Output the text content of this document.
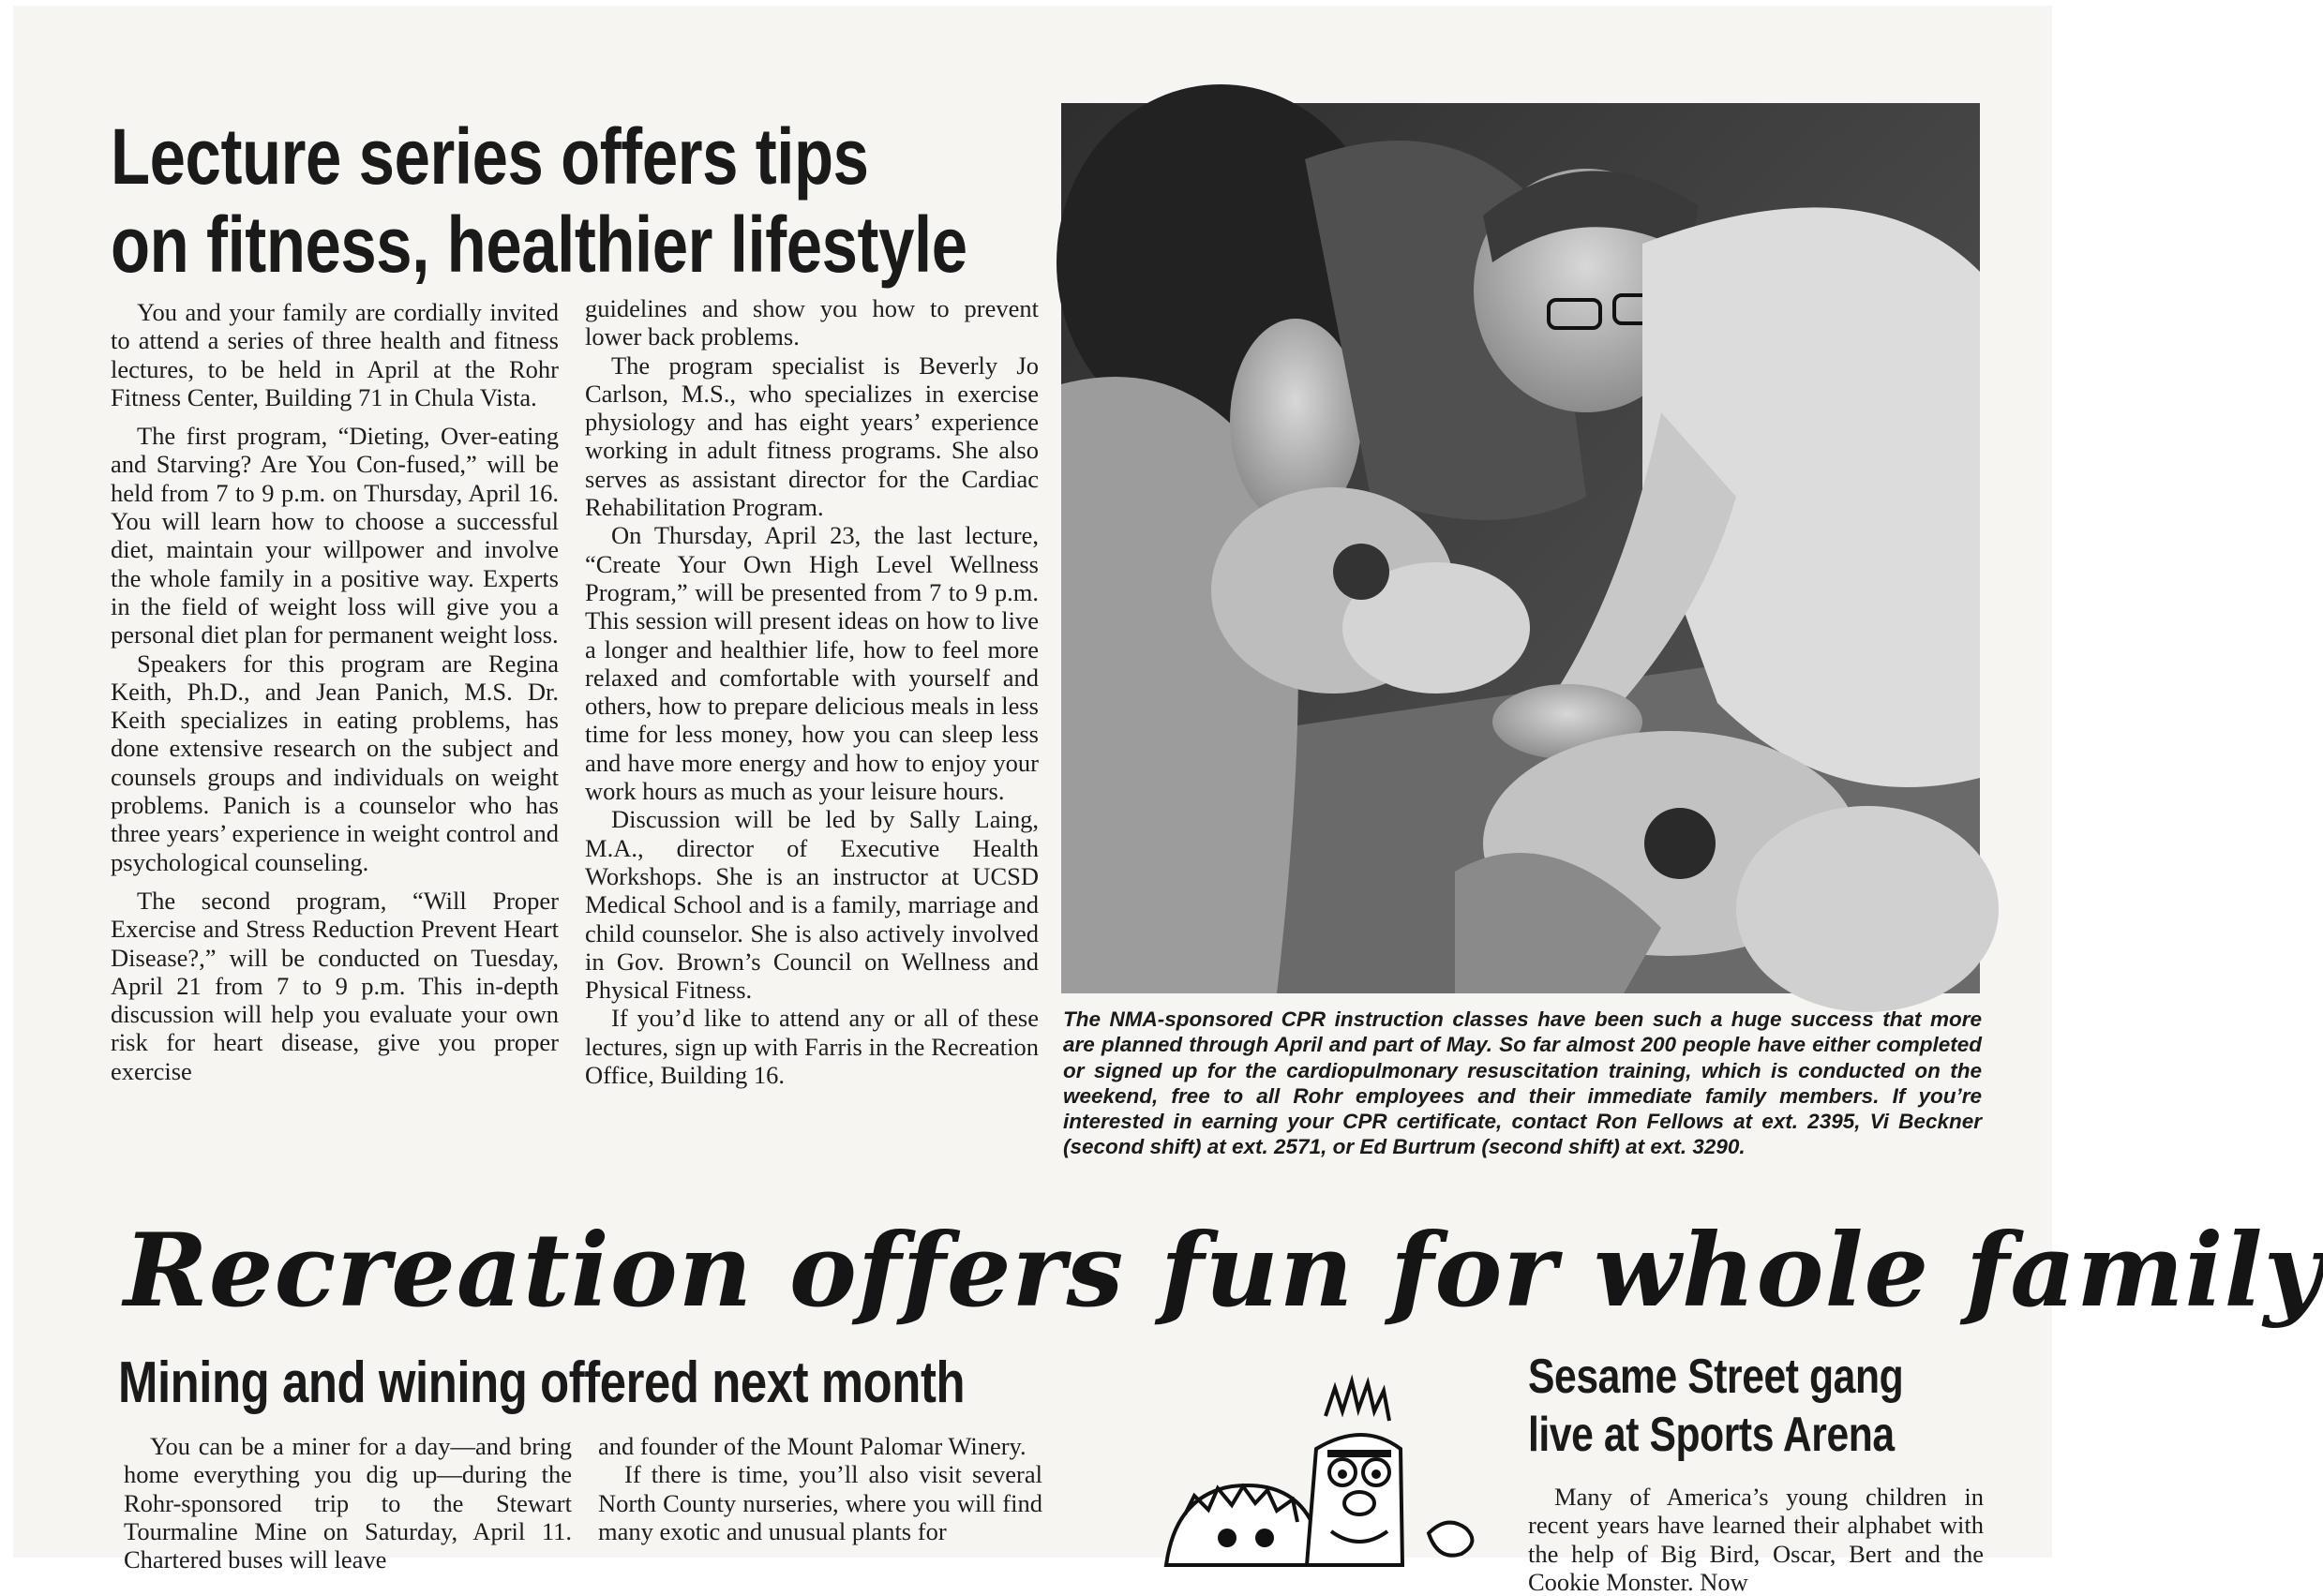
Lecture series offers tips
on fitness, healthier lifestyle

You and your family are cordially invited to attend a series of three health and fitness lectures, to be held in April at the Rohr Fitness Center, Building 71 in Chula Vista.

The first program, “Dieting, Over-eating and Starving? Are You Con-fused,” will be held from 7 to 9 p.m. on Thursday, April 16. You will learn how to choose a successful diet, maintain your willpower and involve the whole family in a positive way. Experts in the field of weight loss will give you a personal diet plan for permanent weight loss.

Speakers for this program are Regina Keith, Ph.D., and Jean Panich, M.S. Dr. Keith specializes in eating problems, has done extensive research on the subject and counsels groups and individuals on weight problems. Panich is a counselor who has three years’ experience in weight control and psychological counseling.

The second program, “Will Proper Exercise and Stress Reduction Prevent Heart Disease?,” will be conducted on Tuesday, April 21 from 7 to 9 p.m. This in-depth discussion will help you evaluate your own risk for heart disease, give you proper exercise

guidelines and show you how to prevent lower back problems.

The program specialist is Beverly Jo Carlson, M.S., who specializes in exercise physiology and has eight years’ experience working in adult fitness programs. She also serves as assistant director for the Cardiac Rehabilitation Program.

On Thursday, April 23, the last lecture, “Create Your Own High Level Wellness Program,” will be presented from 7 to 9 p.m. This session will present ideas on how to live a longer and healthier life, how to feel more relaxed and comfortable with yourself and others, how to prepare delicious meals in less time for less money, how you can sleep less and have more energy and how to enjoy your work hours as much as your leisure hours.

Discussion will be led by Sally Laing, M.A., director of Executive Health Workshops. She is an instructor at UCSD Medical School and is a family, marriage and child counselor. She is also actively involved in Gov. Brown’s Council on Wellness and Physical Fitness.

If you’d like to attend any or all of these lectures, sign up with Farris in the Recreation Office, Building 16.

The NMA-sponsored CPR instruction classes have been such a huge success that more are planned through April and part of May. So far almost 200 people have either completed or signed up for the cardiopulmonary resuscitation training, which is conducted on the weekend, free to all Rohr employees and their immediate family members. If you’re interested in earning your CPR certificate, contact Ron Fellows at ext. 2395, Vi Beckner (second shift) at ext. 2571, or Ed Burtrum (second shift) at ext. 3290.
Recreation offers fun for whole family
Mining and wining offered next month

You can be a miner for a day—and bring home everything you dig up—during the Rohr-sponsored trip to the Stewart Tourmaline Mine on Saturday, April 11. Chartered buses will leave

and founder of the Mount Palomar Winery.

If there is time, you’ll also visit several North County nurseries, where you will find many exotic and unusual plants for

Sesame Street gang
live at Sports Arena

Many of America’s young children in recent years have learned their alphabet with the help of Big Bird, Oscar, Bert and the Cookie Monster. Now
